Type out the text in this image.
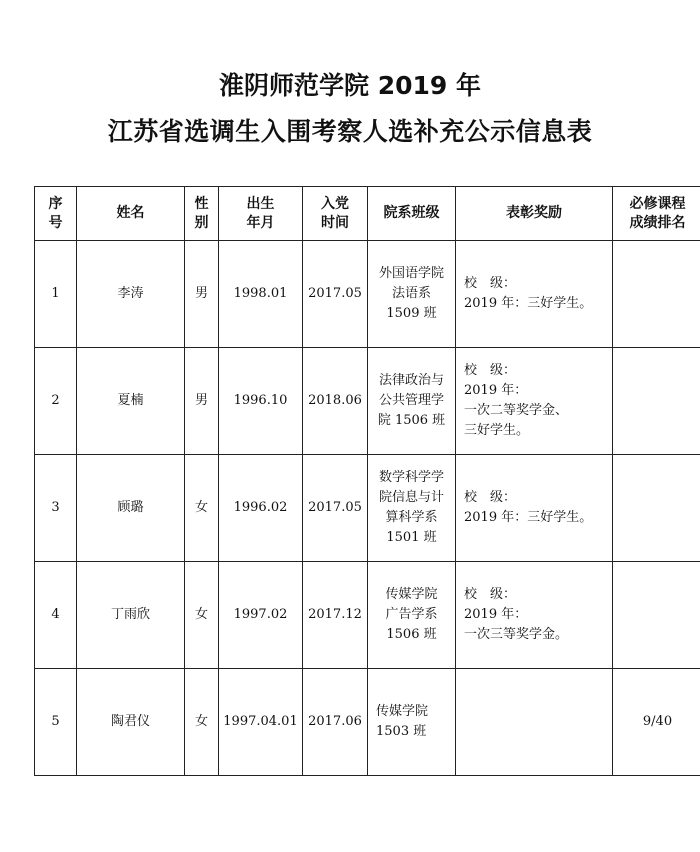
淮阴师范学院 2019 年
江苏省选调生入围考察人选补充公示信息表
序
号	姓名	性
别	出生
年月	入党
时间	院系班级	表彰奖励	必修课程
成绩排名

1	李涛	男	1998.01	2017.05	外国语学院
法语系
1509 班	校　级：
2019 年：三好学生。	

2	夏楠	男	1996.10	2018.06	法律政治与
公共管理学
院 1506 班	校　级：
2019 年：
一次二等奖学金、
三好学生。	

3	顾璐	女	1996.02	2017.05	数学科学学
院信息与计
算科学系
1501 班	校　级：
2019 年：三好学生。	

4	丁雨欣	女	1997.02	2017.12	传媒学院
广告学系
1506 班	校　级：
2019 年：
一次三等奖学金。	

5	陶君仪	女	1997.04.01	2017.06	传媒学院
1503 班		9/40
